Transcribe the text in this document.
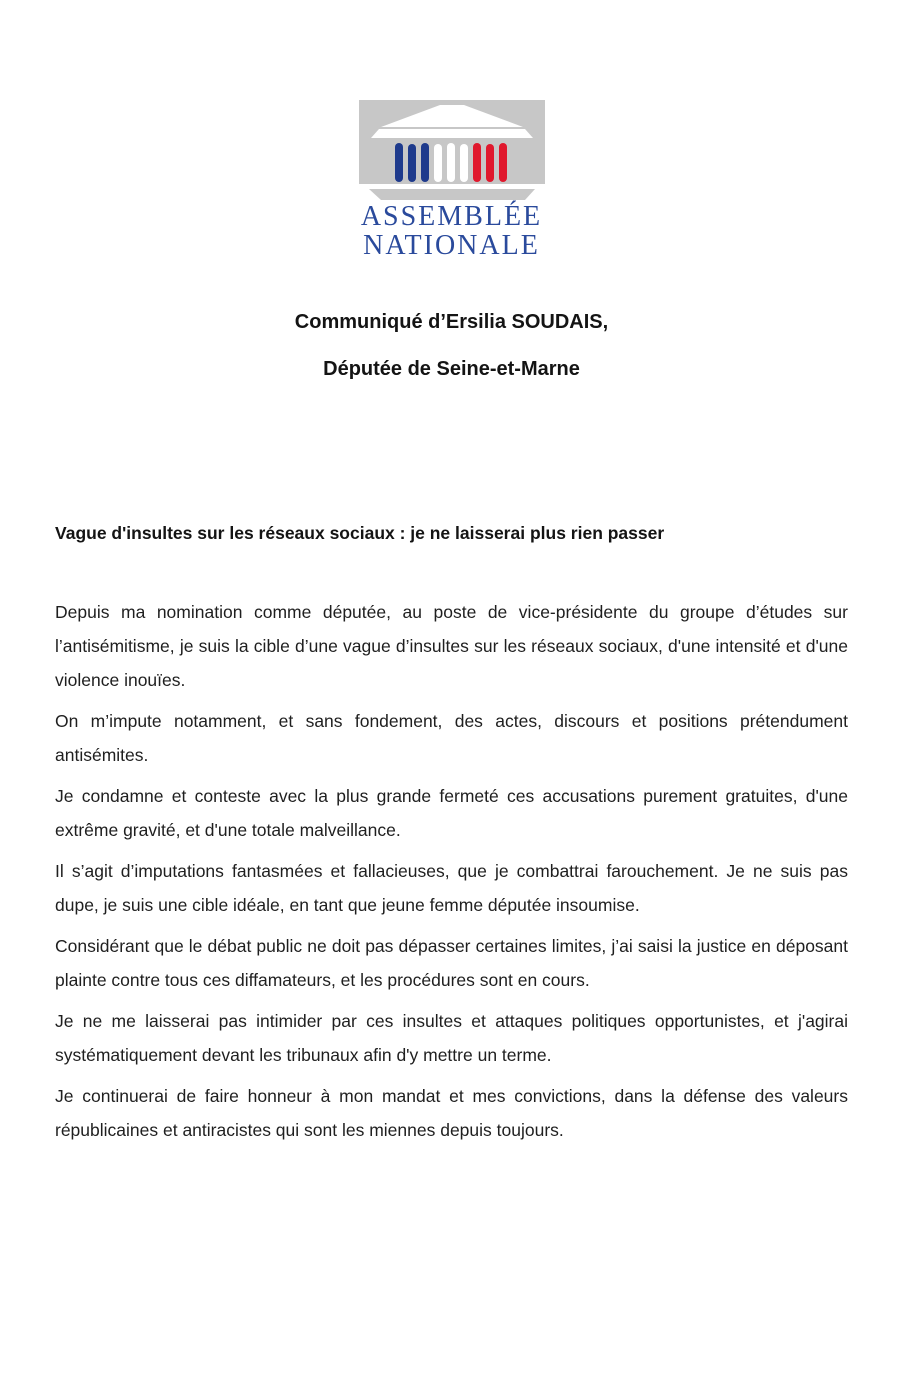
ASSEMBLÉE
NATIONALE

Communiqué d’Ersilia SOUDAIS,

Députée de Seine-et-Marne

Vague d'insultes sur les réseaux sociaux : je ne laisserai plus rien passer

Depuis ma nomination comme députée, au poste de vice-présidente du groupe d’études sur l’antisémitisme, je suis la cible d’une vague d’insultes sur les réseaux sociaux, d'une intensité et d'une violence inouïes.

On m’impute notamment, et sans fondement, des actes, discours et positions prétendument antisémites.

Je condamne et conteste avec la plus grande fermeté ces accusations purement gratuites, d'une extrême gravité, et d'une totale malveillance.

Il s’agit d’imputations fantasmées et fallacieuses, que je combattrai farouchement. Je ne suis pas dupe, je suis une cible idéale, en tant que jeune femme députée insoumise.

Considérant que le débat public ne doit pas dépasser certaines limites, j’ai saisi la justice en déposant plainte contre tous ces diffamateurs, et les procédures sont en cours.

Je ne me laisserai pas intimider par ces insultes et attaques politiques opportunistes, et j'agirai systématiquement devant les tribunaux afin d'y mettre un terme.

Je continuerai de faire honneur à mon mandat et mes convictions, dans la défense des valeurs républicaines et antiracistes qui sont les miennes depuis toujours.
